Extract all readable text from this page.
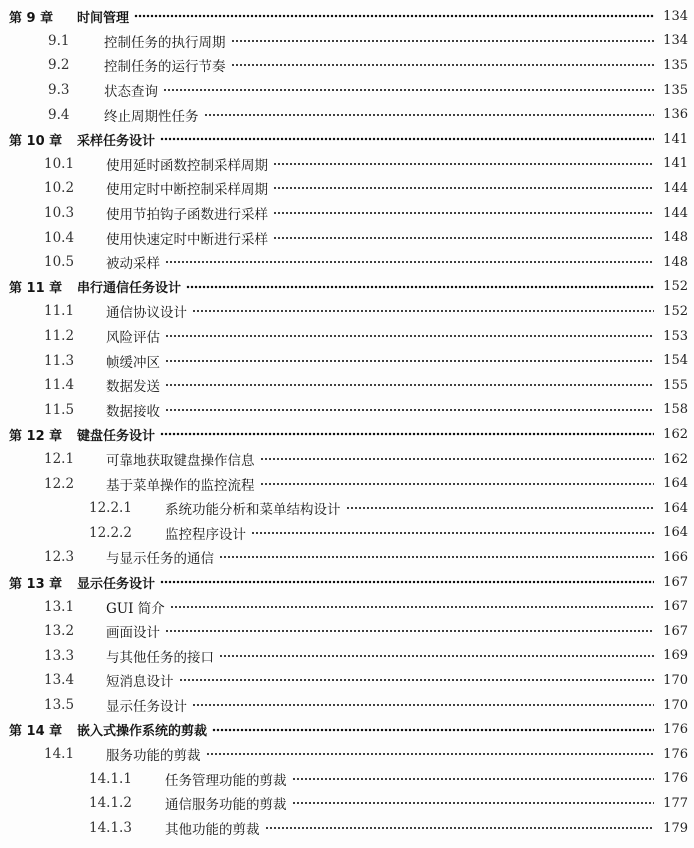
第 9 章	时间管理	134
9.1	控制任务的执行周期	134
9.2	控制任务的运行节奏	135
9.3	状态查询	135
9.4	终止周期性任务	136
第 10 章	采样任务设计	141
10.1	使用延时函数控制采样周期	141
10.2	使用定时中断控制采样周期	144
10.3	使用节拍钩子函数进行采样	144
10.4	使用快速定时中断进行采样	148
10.5	被动采样	148
第 11 章	串行通信任务设计	152
11.1	通信协议设计	152
11.2	风险评估	153
11.3	帧缓冲区	154
11.4	数据发送	155
11.5	数据接收	158
第 12 章	键盘任务设计	162
12.1	可靠地获取键盘操作信息	162
12.2	基于菜单操作的监控流程	164
12.2.1	系统功能分析和菜单结构设计	164
12.2.2	监控程序设计	164
12.3	与显示任务的通信	166
第 13 章	显示任务设计	167
13.1	GUI 简介	167
13.2	画面设计	167
13.3	与其他任务的接口	169
13.4	短消息设计	170
13.5	显示任务设计	170
第 14 章	嵌入式操作系统的剪裁	176
14.1	服务功能的剪裁	176
14.1.1	任务管理功能的剪裁	176
14.1.2	通信服务功能的剪裁	177
14.1.3	其他功能的剪裁	179
